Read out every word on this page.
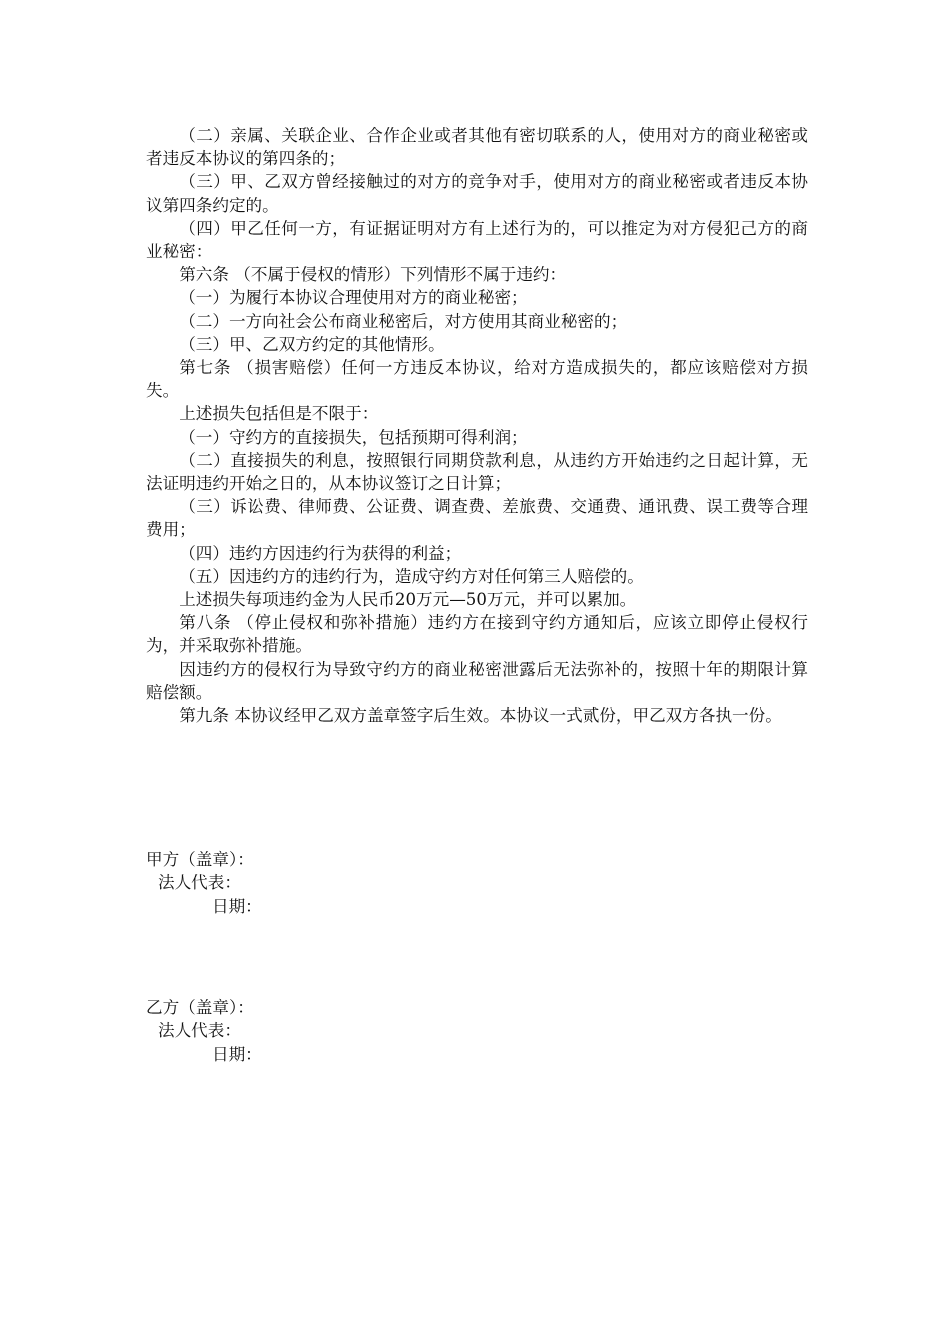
（二）亲属、关联企业、合作企业或者其他有密切联系的人，使用对方的商业秘密或者违反本协议的第四条的；

（三）甲、乙双方曾经接触过的对方的竞争对手，使用对方的商业秘密或者违反本协议第四条约定的。

（四）甲乙任何一方，有证据证明对方有上述行为的，可以推定为对方侵犯己方的商业秘密：

第六条 （不属于侵权的情形）下列情形不属于违约：

（一）为履行本协议合理使用对方的商业秘密；

（二）一方向社会公布商业秘密后，对方使用其商业秘密的；

（三）甲、乙双方约定的其他情形。

第七条 （损害赔偿）任何一方违反本协议，给对方造成损失的，都应该赔偿对方损失。

上述损失包括但是不限于：

（一）守约方的直接损失，包括预期可得利润；

（二）直接损失的利息，按照银行同期贷款利息，从违约方开始违约之日起计算，无法证明违约开始之日的，从本协议签订之日计算；

（三）诉讼费、律师费、公证费、调查费、差旅费、交通费、通讯费、误工费等合理费用；

（四）违约方因违约行为获得的利益；

（五）因违约方的违约行为，造成守约方对任何第三人赔偿的。

上述损失每项违约金为人民币20万元—50万元，并可以累加。

第八条 （停止侵权和弥补措施）违约方在接到守约方通知后，应该立即停止侵权行为，并采取弥补措施。

因违约方的侵权行为导致守约方的商业秘密泄露后无法弥补的，按照十年的期限计算赔偿额。

第九条 本协议经甲乙双方盖章签字后生效。本协议一式贰份，甲乙双方各执一份。

甲方（盖章）：
法人代表：
日期：
乙方（盖章）：
法人代表：
日期：
